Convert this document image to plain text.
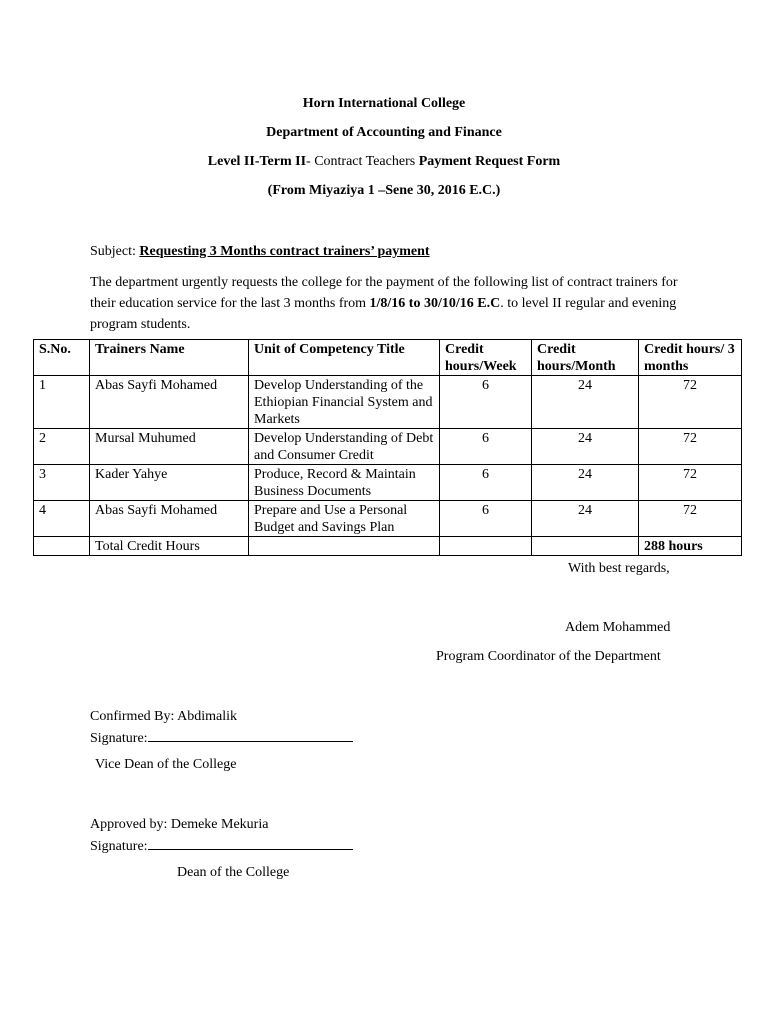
Horn International College
Department of Accounting and Finance
Level II-Term II- Contract Teachers Payment Request Form
(From Miyaziya 1 –Sene 30, 2016 E.C.)
Subject: Requesting 3 Months contract trainers’ payment
The department urgently requests the college for the payment of the following list of contract trainers for their education service for the last 3 months from 1/8/16 to 30/10/16 E.C. to level II regular and evening program students.
S.No.	Trainers Name	Unit of Competency Title	Credit hours/Week	Credit hours/Month	Credit hours/ 3 months
1	Abas Sayfi Mohamed	Develop Understanding of the Ethiopian Financial System and Markets	6	24	72
2	Mursal Muhumed	Develop Understanding of Debt and Consumer Credit	6	24	72
3	Kader Yahye	Produce, Record & Maintain Business Documents	6	24	72
4	Abas Sayfi Mohamed	Prepare and Use a Personal Budget and Savings Plan	6	24	72
	Total Credit Hours				288 hours
With best regards,
Adem Mohammed
Program Coordinator of the Department
Confirmed By: Abdimalik
Signature:
Vice Dean of the College
Approved by: Demeke Mekuria
Signature:
Dean of the College
